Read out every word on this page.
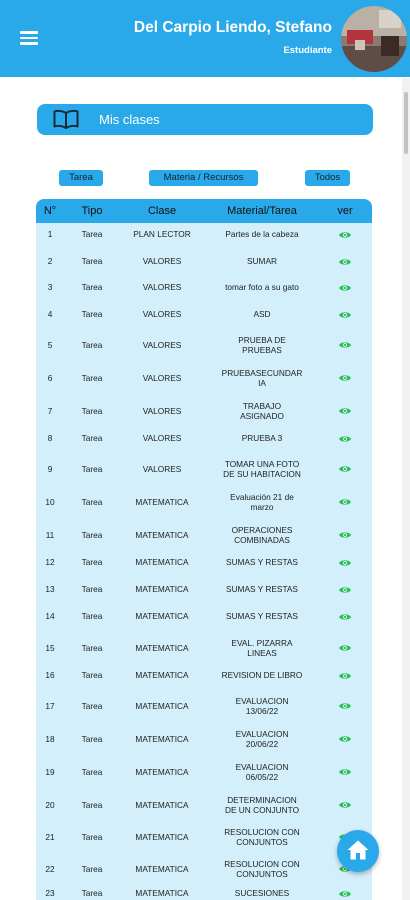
Del Carpio Liendo, Stefano
Estudiante
Mis clases
Tarea	Materia / Recursos	Todos
N°	Tipo	Clase	Material/Tarea	ver
1	Tarea	PLAN LECTOR	Partes de la cabeza
2	Tarea	VALORES	SUMAR
3	Tarea	VALORES	tomar foto a su gato
4	Tarea	VALORES	ASD
5	Tarea	VALORES	PRUEBA DE
PRUEBAS
6	Tarea	VALORES	PRUEBASECUNDAR
IA
7	Tarea	VALORES	TRABAJO
ASIGNADO
8	Tarea	VALORES	PRUEBA 3
9	Tarea	VALORES	TOMAR UNA FOTO
DE SU HABITACION
10	Tarea	MATEMATICA	Evaluación 21 de
marzo
11	Tarea	MATEMATICA	OPERACIONES
COMBINADAS
12	Tarea	MATEMATICA	SUMAS Y RESTAS
13	Tarea	MATEMATICA	SUMAS Y RESTAS
14	Tarea	MATEMATICA	SUMAS Y RESTAS
15	Tarea	MATEMATICA	EVAL. PIZARRA
LINEAS
16	Tarea	MATEMATICA	REVISION DE LIBRO
17	Tarea	MATEMATICA	EVALUACION
13/06/22
18	Tarea	MATEMATICA	EVALUACION
20/06/22
19	Tarea	MATEMATICA	EVALUACION
06/05/22
20	Tarea	MATEMATICA	DETERMINACION
DE UN CONJUNTO
21	Tarea	MATEMATICA	RESOLUCION CON
CONJUNTOS
22	Tarea	MATEMATICA	RESOLUCION CON
CONJUNTOS
23	Tarea	MATEMATICA	SUCESIONES
